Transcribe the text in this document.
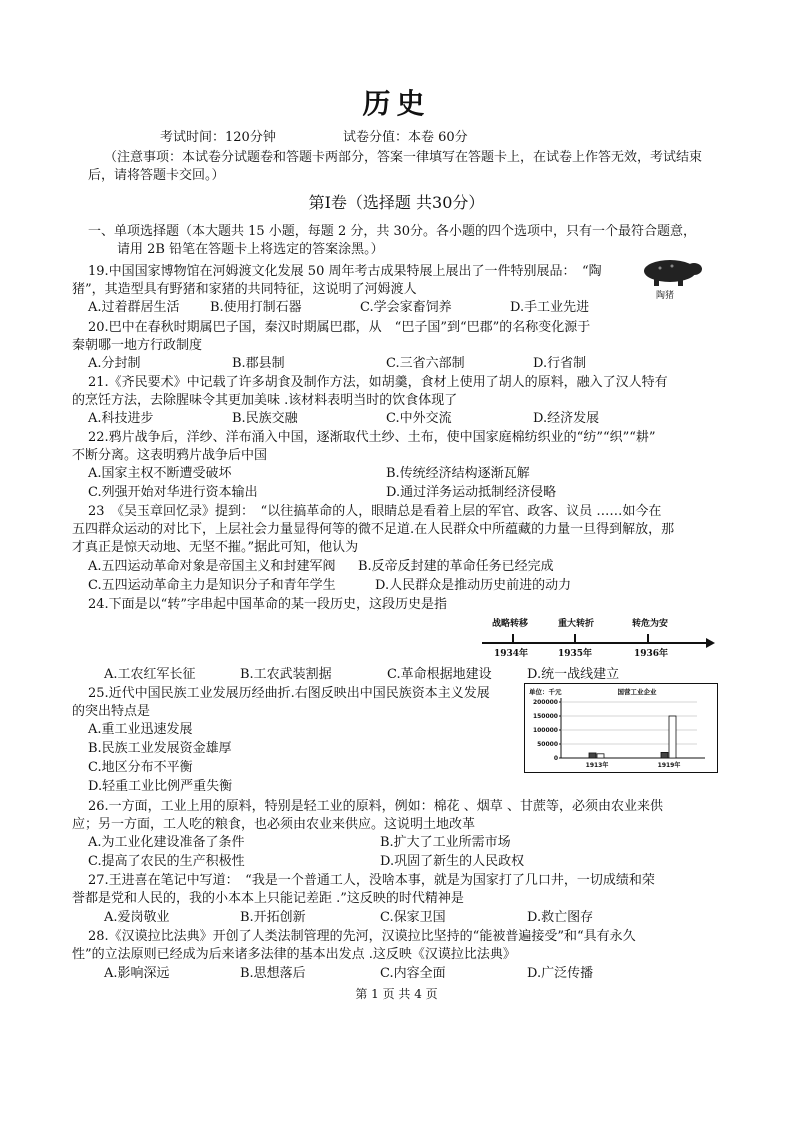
历史
考试时间：120分钟	试卷分值：本卷 60分
（注意事项：本试卷分试题卷和答题卡两部分，答案一律填写在答题卡上，在试卷上作答无效，考试结束
后，请将答题卡交回。）
第Ⅰ卷（选择题 共30分）
一、单项选择题（本大题共 15 小题，每题 2 分，共 30分。各小题的四个选项中，只有一个最符合题意，
请用 2B 铅笔在答题卡上将选定的答案涂黑。）
19.中国国家博物馆在河姆渡文化发展 50 周年考古成果特展上展出了一件特别展品：　“陶
猪”，其造型具有野猪和家猪的共同特征，这说明了河姆渡人
A.过着群居生活 B.使用打制石器	C.学会家畜饲养	D.手工业先进
陶猪
20.巴中在春秋时期属巴子国，秦汉时期属巴郡，从　“巴子国”到“巴郡”的名称变化源于
秦朝哪一地方行政制度
A.分封制	B.郡县制	C.三省六部制	D.行省制
21.《齐民要术》中记载了许多胡食及制作方法，如胡羹，食材上使用了胡人的原料，融入了汉人特有
的烹饪方法，去除腥味令其更加美味 .该材料表明当时的饮食体现了
A.科技进步	B.民族交融	C.中外交流	D.经济发展
22.鸦片战争后，洋纱、洋布涌入中国，逐渐取代土纱、土布，使中国家庭棉纺织业的“纺”“织”“耕”
不断分离。这表明鸦片战争后中国
A.国家主权不断遭受破坏	B.传统经济结构逐渐瓦解
C.列强开始对华进行资本输出	D.通过洋务运动抵制经济侵略
23　《吴玉章回忆录》提到：　“以往搞革命的人，眼睛总是看着上层的军官、政客、议员 ……如今在
五四群众运动的对比下，上层社会力量显得何等的微不足道.在人民群众中所蕴藏的力量一旦得到解放，那
才真正是惊天动地、无坚不摧。”据此可知，他认为
A.五四运动革命对象是帝国主义和封建军阀 B.反帝反封建的革命任务已经完成
C.五四运动革命主力是知识分子和青年学生	D.人民群众是推动历史前进的动力
24.下面是以“转”字串起中国革命的某一段历史，这段历史是指
战略转移	重大转折	转危为安
1934年	1935年	1936年
A.工农红军长征	B.工农武装割据	C.革命根据地建设	D.统一战线建立
25.近代中国民族工业发展历经曲折.右图反映出中国民族资本主义发展
的突出特点是
A.重工业迅速发展
B.民族工业发展资金雄厚
C.地区分布不平衡
D.轻重工业比例严重失衡
单位：千元	国营工业企业
0
50000
100000
150000
200000
1913年	1919年
26.一方面，工业上用的原料，特别是轻工业的原料，例如：棉花 、烟草 、甘蔗等，必须由农业来供
应；另一方面，工人吃的粮食，也必须由农业来供应。这说明土地改革
A.为工业化建设准备了条件	B.扩大了工业所需市场
C.提高了农民的生产积极性	D.巩固了新生的人民政权
27.王进喜在笔记中写道：　“我是一个普通工人，没啥本事，就是为国家打了几口井，一切成绩和荣
誉都是党和人民的，我的小本本上只能记差距 .”这反映的时代精神是
A.爱岗敬业	B.开拓创新	C.保家卫国	D.救亡图存
28.《汉谟拉比法典》开创了人类法制管理的先河，汉谟拉比坚持的“能被普遍接受”和“具有永久
性”的立法原则已经成为后来诸多法律的基本出发点 .这反映《汉谟拉比法典》
A.影响深远	B.思想落后	C.内容全面	D.广泛传播
第 1 页 共 4 页
